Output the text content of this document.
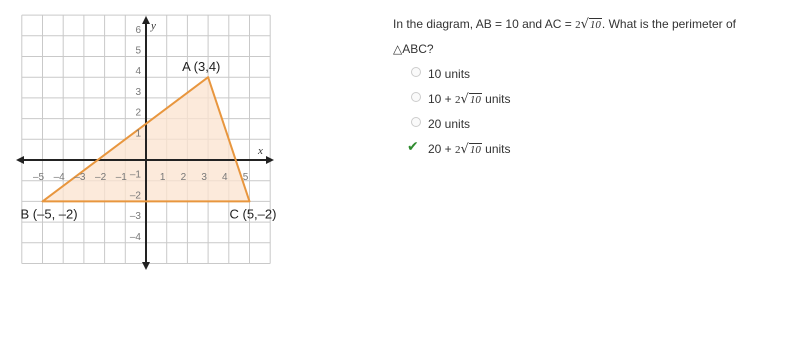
–5 –4 –3 –2 –1	1 2 3 4 5
6
5
4
3
2
1
–1
–2
–3
–4
x
y
A (3,4)
B (–5, –2)	C (5,–2)

In the diagram, AB = 10 and AC = 2√10. What is the perimeter of
△ABC?

10 units
10 + 2√10 units
20 units
✔ 20 + 2√10 units
